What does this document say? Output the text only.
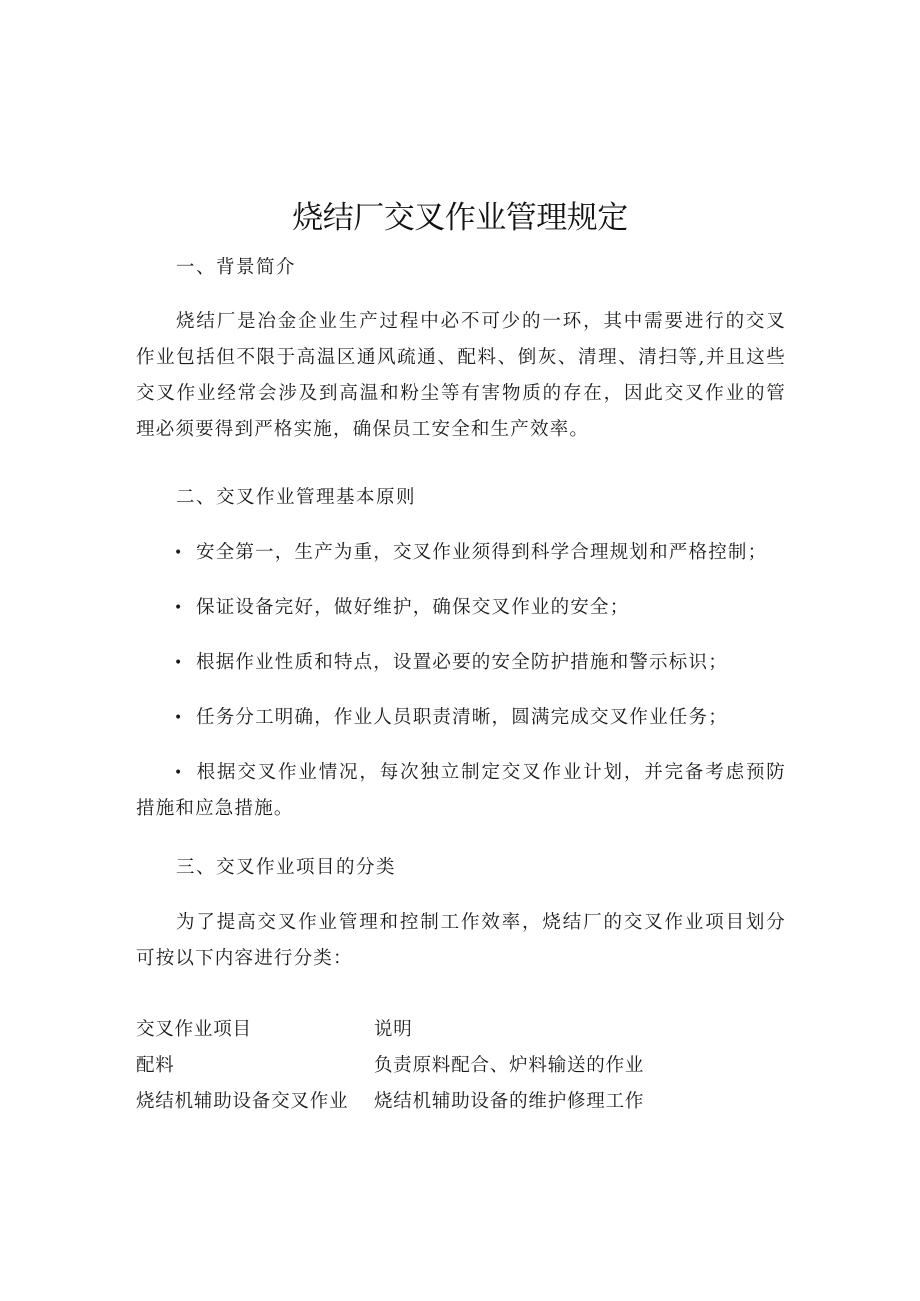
烧结厂交叉作业管理规定
一、背景简介
烧结厂是冶金企业生产过程中必不可少的一环，其中需要进行的交叉作业包括但不限于高温区通风疏通、配料、倒灰、清理、清扫等,并且这些交叉作业经常会涉及到高温和粉尘等有害物质的存在，因此交叉作业的管理必须要得到严格实施，确保员工安全和生产效率。
二、交叉作业管理基本原则
• 安全第一，生产为重，交叉作业须得到科学合理规划和严格控制；
• 保证设备完好，做好维护，确保交叉作业的安全；
• 根据作业性质和特点，设置必要的安全防护措施和警示标识；
• 任务分工明确，作业人员职责清晰，圆满完成交叉作业任务；
• 根据交叉作业情况，每次独立制定交叉作业计划，并完备考虑预防措施和应急措施。
三、交叉作业项目的分类
为了提高交叉作业管理和控制工作效率，烧结厂的交叉作业项目划分可按以下内容进行分类：
交叉作业项目	说明
配料	负责原料配合、炉料输送的作业
烧结机辅助设备交叉作业 烧结机辅助设备的维护修理工作
